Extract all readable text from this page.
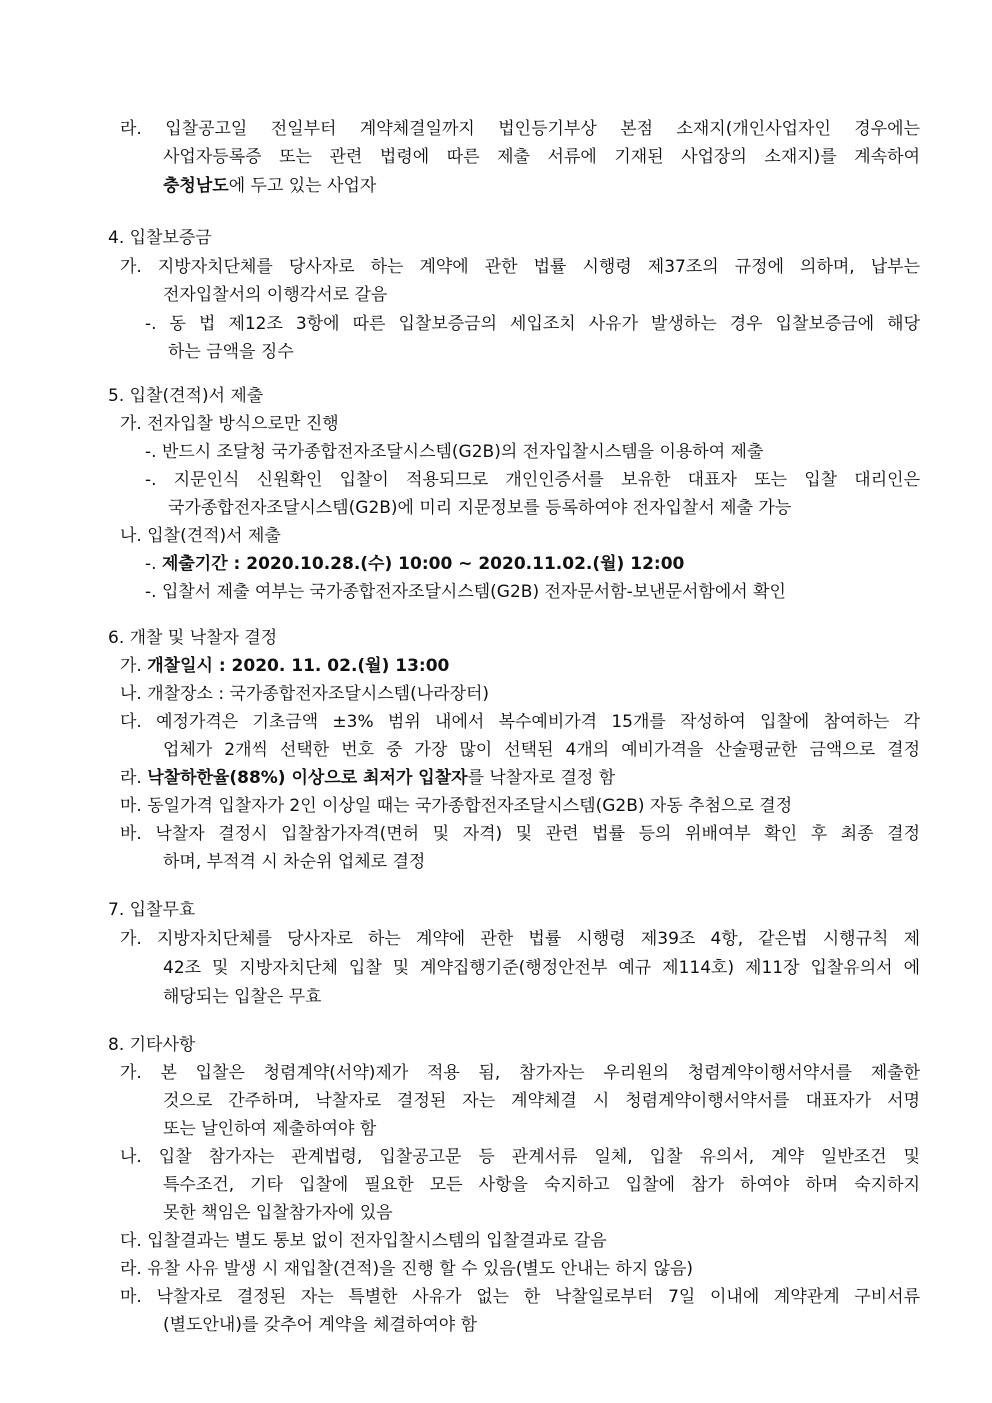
라. 입찰공고일 전일부터 계약체결일까지 법인등기부상 본점 소재지(개인사업자인 경우에는
사업자등록증 또는 관련 법령에 따른 제출 서류에 기재된 사업장의 소재지)를 계속하여
충청남도에 두고 있는 사업자
4. 입찰보증금
가. 지방자치단체를 당사자로 하는 계약에 관한 법률 시행령 제37조의 규정에 의하며, 납부는
전자입찰서의 이행각서로 갈음
-. 동 법 제12조 3항에 따른 입찰보증금의 세입조치 사유가 발생하는 경우 입찰보증금에 해당
하는 금액을 징수
5. 입찰(견적)서 제출
가. 전자입찰 방식으로만 진행
-. 반드시 조달청 국가종합전자조달시스템(G2B)의 전자입찰시스템을 이용하여 제출
-. 지문인식 신원확인 입찰이 적용되므로 개인인증서를 보유한 대표자 또는 입찰 대리인은
국가종합전자조달시스템(G2B)에 미리 지문정보를 등록하여야 전자입찰서 제출 가능
나. 입찰(견적)서 제출
-. 제출기간 : 2020.10.28.(수) 10:00 ~ 2020.11.02.(월) 12:00
-. 입찰서 제출 여부는 국가종합전자조달시스템(G2B) 전자문서함-보낸문서함에서 확인
6. 개찰 및 낙찰자 결정
가. 개찰일시 : 2020. 11. 02.(월) 13:00
나. 개찰장소 : 국가종합전자조달시스템(나라장터)
다. 예정가격은 기초금액 ±3% 범위 내에서 복수예비가격 15개를 작성하여 입찰에 참여하는 각
업체가 2개씩 선택한 번호 중 가장 많이 선택된 4개의 예비가격을 산술평균한 금액으로 결정
라. 낙찰하한율(88%) 이상으로 최저가 입찰자를 낙찰자로 결정 함
마. 동일가격 입찰자가 2인 이상일 때는 국가종합전자조달시스템(G2B) 자동 추첨으로 결정
바. 낙찰자 결정시 입찰참가자격(면허 및 자격) 및 관련 법률 등의 위배여부 확인 후 최종 결정
하며, 부적격 시 차순위 업체로 결정
7. 입찰무효
가. 지방자치단체를 당사자로 하는 계약에 관한 법률 시행령 제39조 4항, 같은법 시행규칙 제
42조 및 지방자치단체 입찰 및 계약집행기준(행정안전부 예규 제114호) 제11장 입찰유의서 에
해당되는 입찰은 무효
8. 기타사항
가. 본 입찰은 청렴계약(서약)제가 적용 됨, 참가자는 우리원의 청렴계약이행서약서를 제출한
것으로 간주하며, 낙찰자로 결정된 자는 계약체결 시 청렴계약이행서약서를 대표자가 서명
또는 날인하여 제출하여야 함
나. 입찰 참가자는 관계법령, 입찰공고문 등 관계서류 일체, 입찰 유의서, 계약 일반조건 및
특수조건, 기타 입찰에 필요한 모든 사항을 숙지하고 입찰에 참가 하여야 하며 숙지하지
못한 책임은 입찰참가자에 있음
다. 입찰결과는 별도 통보 없이 전자입찰시스템의 입찰결과로 갈음
라. 유찰 사유 발생 시 재입찰(견적)을 진행 할 수 있음(별도 안내는 하지 않음)
마. 낙찰자로 결정된 자는 특별한 사유가 없는 한 낙찰일로부터 7일 이내에 계약관계 구비서류
(별도안내)를 갖추어 계약을 체결하여야 함
